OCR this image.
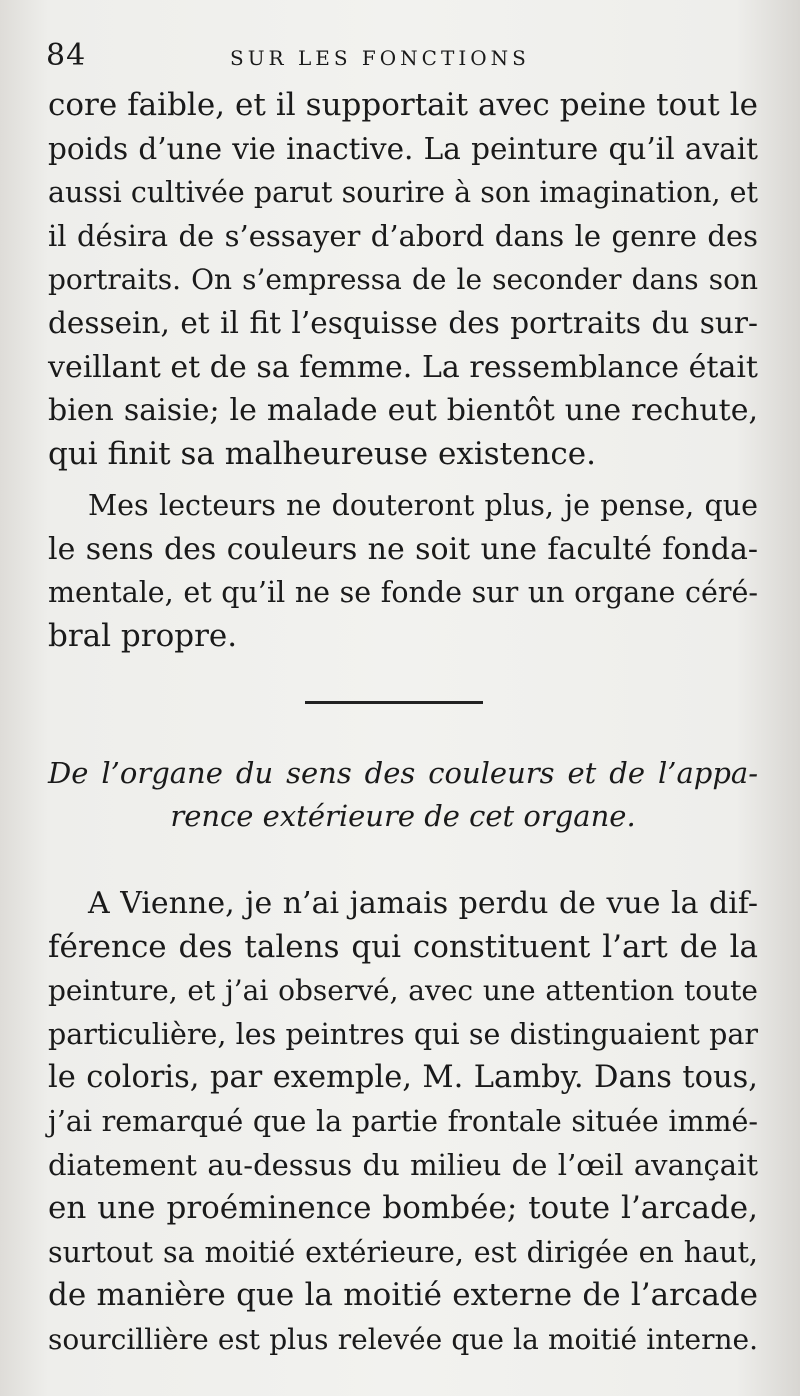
84	SUR LES FONCTIONS

core faible, et il supportait avec peine tout le
poids d’une vie inactive. La peinture qu’il avait
aussi cultivée parut sourire à son imagination, et
il désira de s’essayer d’abord dans le genre des
portraits. On s’empressa de le seconder dans son
dessein, et il fit l’esquisse des portraits du sur-
veillant et de sa femme. La ressemblance était
bien saisie; le malade eut bientôt une rechute,
qui finit sa malheureuse existence.

Mes lecteurs ne douteront plus, je pense, que
le sens des couleurs ne soit une faculté fonda-
mentale, et qu’il ne se fonde sur un organe céré-
bral propre.

De l’organe du sens des couleurs et de l’appa-
rence extérieure de cet organe.

A Vienne, je n’ai jamais perdu de vue la dif-
férence des talens qui constituent l’art de la
peinture, et j’ai observé, avec une attention toute
particulière, les peintres qui se distinguaient par
le coloris, par exemple, M. Lamby. Dans tous,
j’ai remarqué que la partie frontale située immé-
diatement au-dessus du milieu de l’œil avançait
en une proéminence bombée; toute l’arcade,
surtout sa moitié extérieure, est dirigée en haut,
de manière que la moitié externe de l’arcade
sourcillière est plus relevée que la moitié interne.
